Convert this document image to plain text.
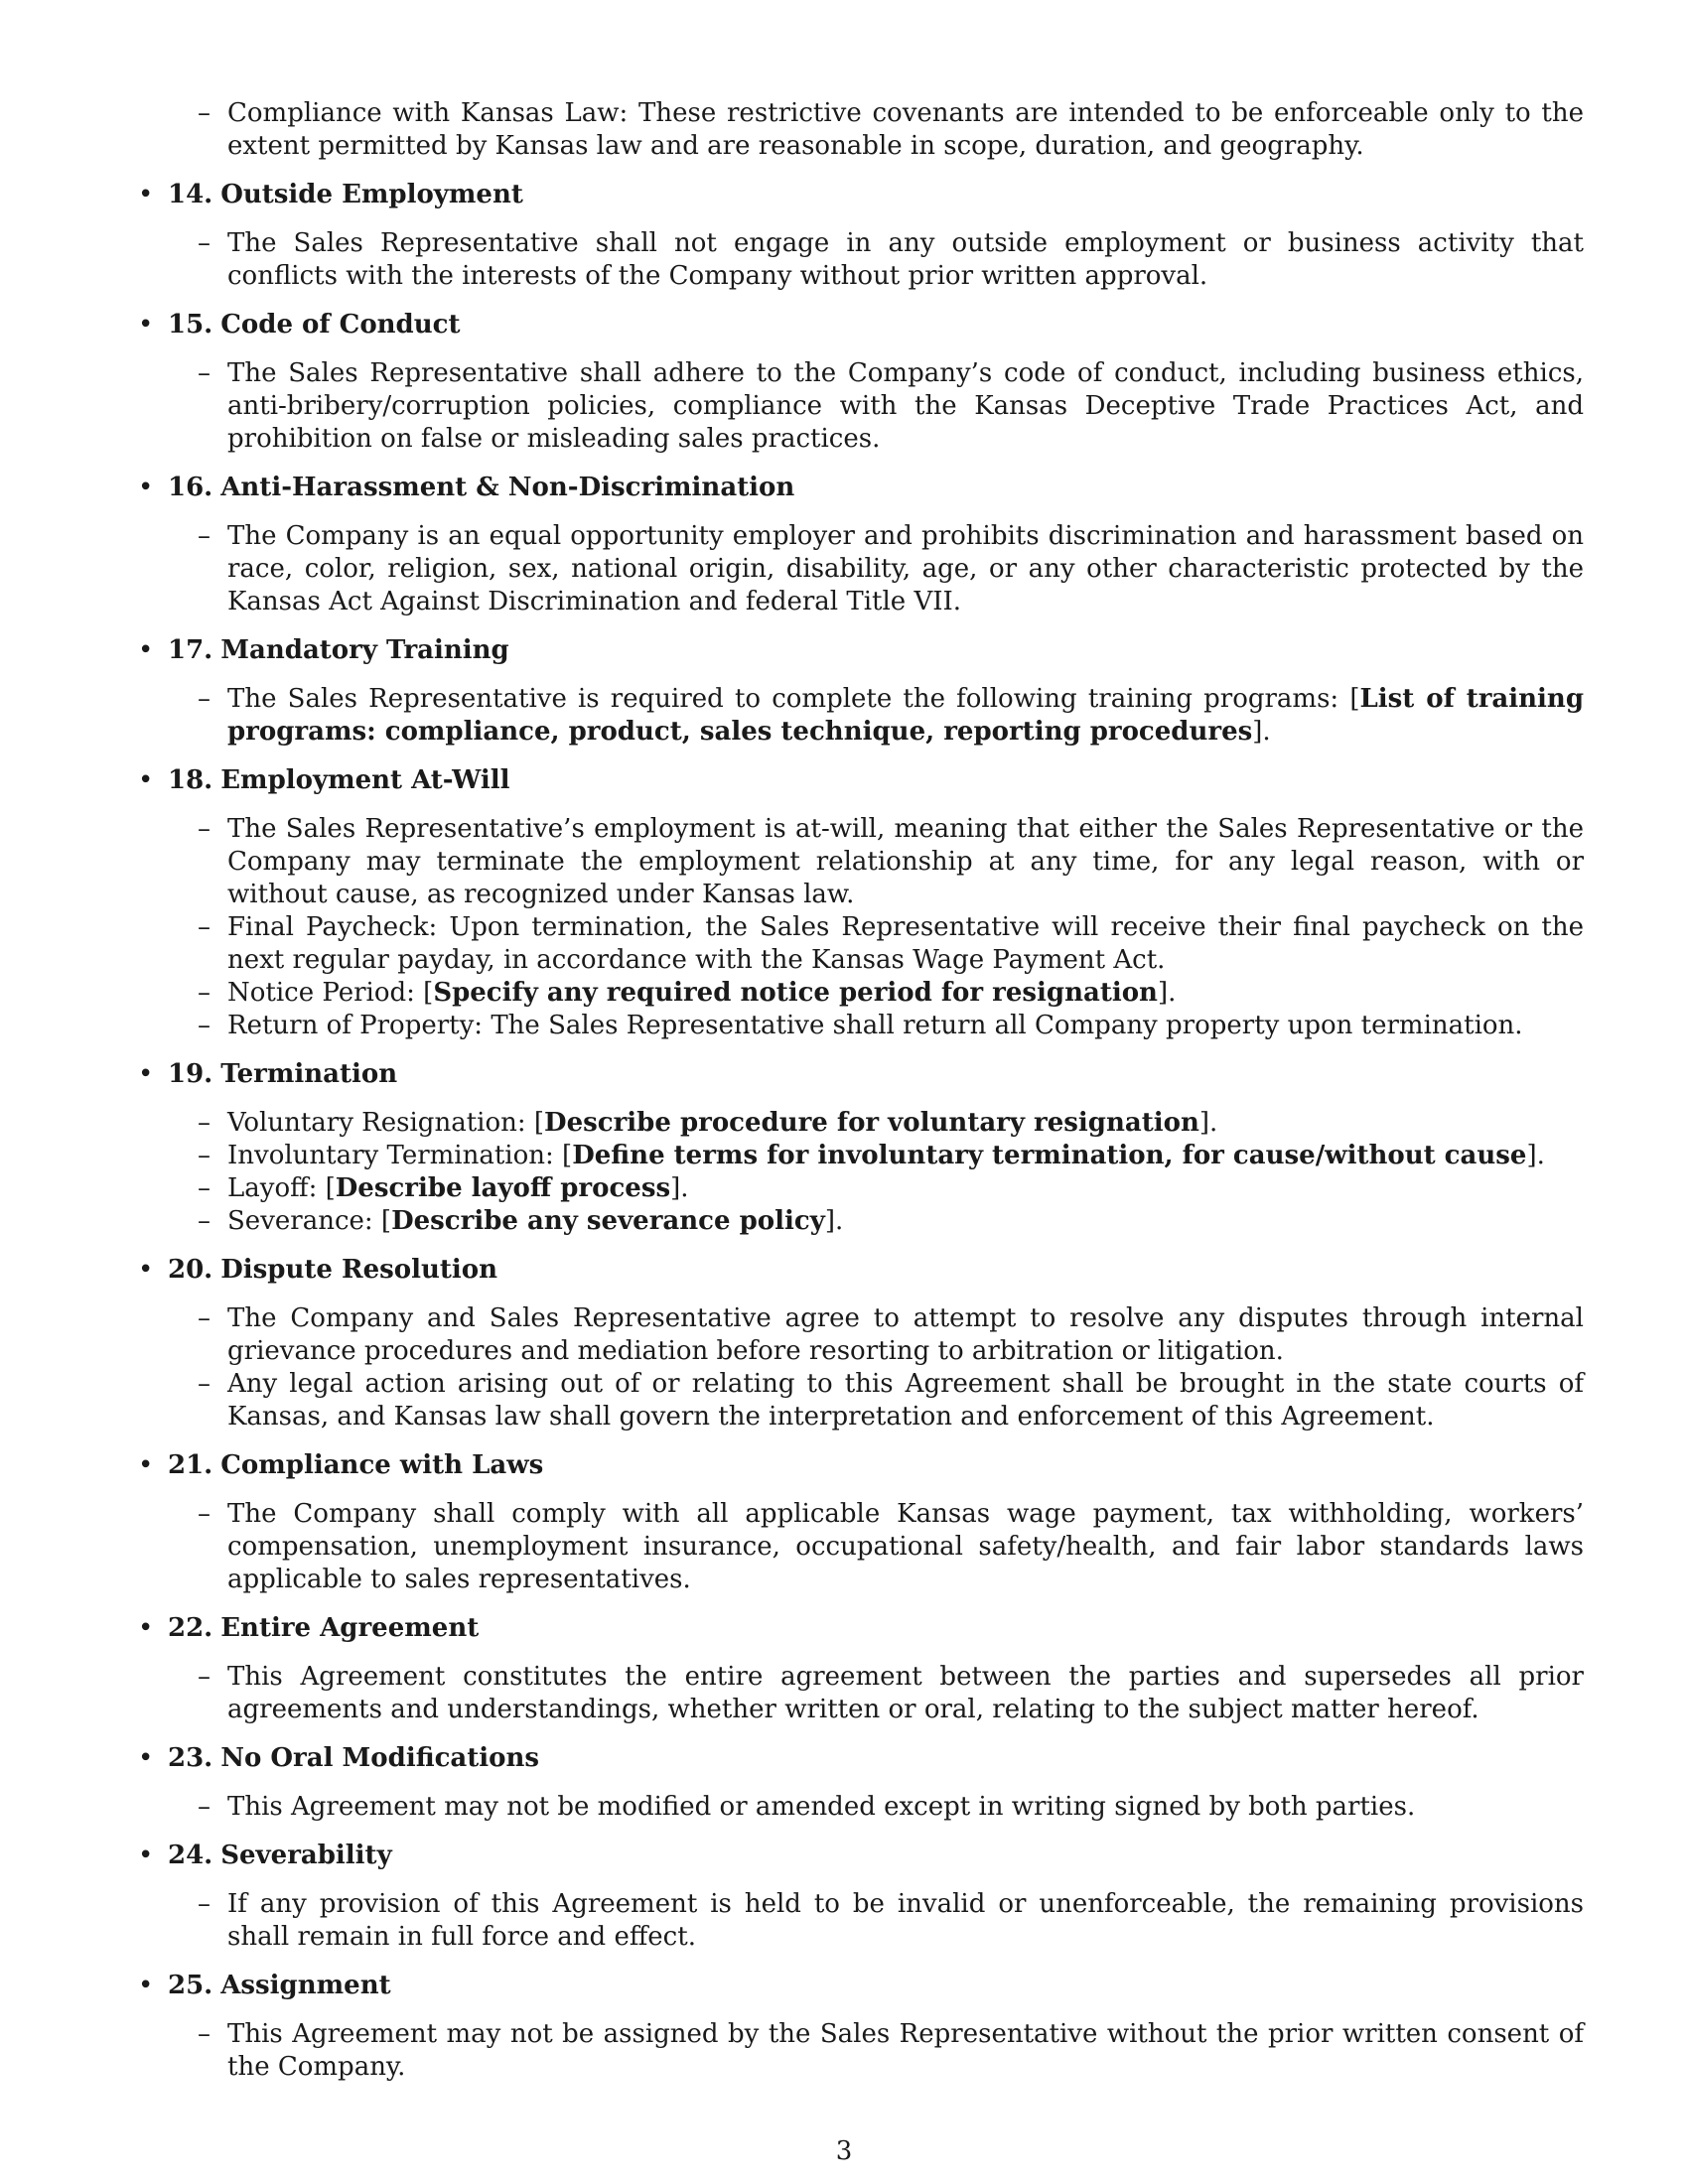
– Compliance with Kansas Law: These restrictive covenants are intended to be enforceable only to the extent permitted by Kansas law and are reasonable in scope, duration, and geography.
• 14. Outside Employment
– The Sales Representative shall not engage in any outside employment or business activity that conflicts with the interests of the Company without prior written approval.
• 15. Code of Conduct
– The Sales Representative shall adhere to the Company’s code of conduct, including business ethics, anti-bribery/corruption policies, compliance with the Kansas Deceptive Trade Practices Act, and prohibition on false or misleading sales practices.
• 16. Anti-Harassment & Non-Discrimination
– The Company is an equal opportunity employer and prohibits discrimination and harassment based on race, color, religion, sex, national origin, disability, age, or any other characteristic protected by the Kansas Act Against Discrimination and federal Title VII.
• 17. Mandatory Training
– The Sales Representative is required to complete the following training programs: [List of training programs: compliance, product, sales technique, reporting procedures].
• 18. Employment At-Will
– The Sales Representative’s employment is at-will, meaning that either the Sales Representative or the Company may terminate the employment relationship at any time, for any legal reason, with or without cause, as recognized under Kansas law.
– Final Paycheck: Upon termination, the Sales Representative will receive their final paycheck on the next regular payday, in accordance with the Kansas Wage Payment Act.
– Notice Period: [Specify any required notice period for resignation].
– Return of Property: The Sales Representative shall return all Company property upon termination.
• 19. Termination
– Voluntary Resignation: [Describe procedure for voluntary resignation].
– Involuntary Termination: [Define terms for involuntary termination, for cause/without cause].
– Layoff: [Describe layoff process].
– Severance: [Describe any severance policy].
• 20. Dispute Resolution
– The Company and Sales Representative agree to attempt to resolve any disputes through internal grievance procedures and mediation before resorting to arbitration or litigation.
– Any legal action arising out of or relating to this Agreement shall be brought in the state courts of Kansas, and Kansas law shall govern the interpretation and enforcement of this Agreement.
• 21. Compliance with Laws
– The Company shall comply with all applicable Kansas wage payment, tax withholding, workers’ compensation, unemployment insurance, occupational safety/health, and fair labor standards laws applicable to sales representatives.
• 22. Entire Agreement
– This Agreement constitutes the entire agreement between the parties and supersedes all prior agreements and understandings, whether written or oral, relating to the subject matter hereof.
• 23. No Oral Modifications
– This Agreement may not be modified or amended except in writing signed by both parties.
• 24. Severability
– If any provision of this Agreement is held to be invalid or unenforceable, the remaining provisions shall remain in full force and effect.
• 25. Assignment
– This Agreement may not be assigned by the Sales Representative without the prior written consent of the Company.
3
